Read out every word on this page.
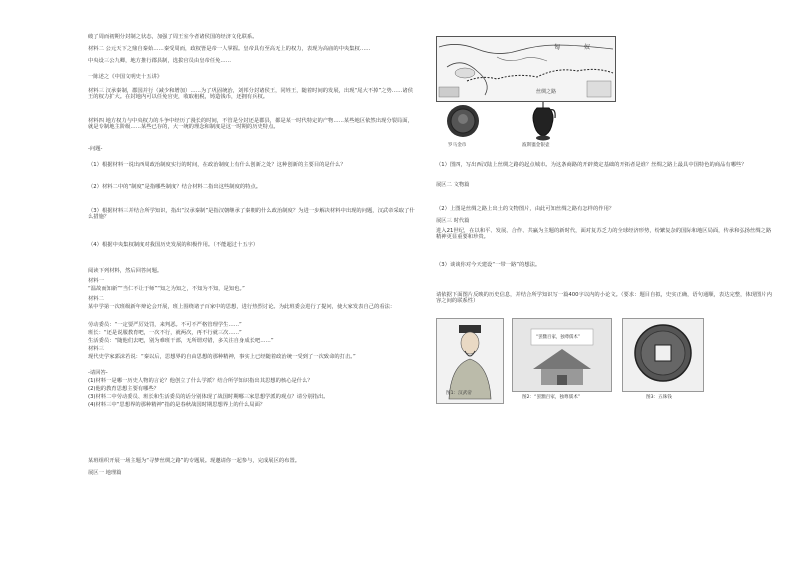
破了周而初期分封制之状态，加强了周王室今者诸侯国的经济文化联系。
材料二 公元天下之鼎自秦始……秦受周而，政权皆是帝一人掌握。皇帝具有至高无上的权力，表现为高庙的中央集权……
中央设三公九卿，地方推行郡县制，选拔官员由皇帝任免……
一陈述之《中国文明史十五讲》
材料三 汉承秦制，郡国并行（减少和增加）……为了巩固统治，刘邦分封诸侯王，同姓王，随着时间的发展，出现“尾大不掉”之势……诸侯王的权力扩大。在封地内可以任免官吏，收取租税，铸造钱币，还拥有兵权。
材料四 地方权力与中央权力的斗争中经历了漫长的时间，不管是分封还是郡县，都是某一时代特定的产物……某些地区依然出现分裂局面，就是专制地主阶级……某些已存的，大一统的理念和制度是这一时期的历史特点。
-问题-
（1）根据材料一说出西周政治制度实行的时间，在政治制度上有什么创新之处？这种创新的主要目的是什么？
（2）材料二中的“制度”是指哪些制度？结合材料二指出这些制度的特点。
（3）根据材料三并结合所学知识，指出“汉承秦制”是指汉朝继承了秦朝的什么政治制度？为进一步解决材料中出现的问题，汉武帝采取了什么措施？
（4）根据中央集权制度对我国历史发展的积极作用。（不能超过十五字）
阅读下列材料，然后回答问题。
材料一
“温故而知新”“当仁不让于师”“知之为知之，不知为不知，是知也。”
材料二
某中学第一次班级新年辩论会开展，班上围绕诸子百家中的思想，进行热烈讨论。为此班委会进行了提问，使大家发表自己的看法：
劳动委员：“一定要严厉处罚，来判恶。不可不严格管理学生……”
班长：“还是说服教育吧，一次不行，就两次，再不行就三次……”
生活委员：“随他们去吧，别为难班干部，无所谓对错，多关注自身成长吧……”
材料三
现代史学家郭沫若说：“秦以后，思想界的自由思想的那种精神，事实上已经随着政治统一受到了一次致命的打击。”
-请回答-
(1)材料一是哪一历史人物的言论？他创立了什么学派？结合所学知识指出其思想的核心是什么？
(2)他的教育思想主要有哪些？
(3)材料二中劳动委员、班长和生活委员的话分别体现了战国时期哪三家思想学派的观点？请分别指出。
(4)材料三中“思想界的那种精神”指的是春秋战国时期思想界上的什么局面？
某班组织开展一场主题为“寻梦丝绸之路”的专题展。现邀请你一起参与，完成展区的布置。
展区一 地理篇
匈	奴
丝绸之路
罗马金币	波斯鎏金银壶
（1）图四，写出西汉陆上丝绸之路的起点城市。为这条商路的开辟奠定基础的开拓者是谁？丝绸之路上最具中国特色的商品有哪些？
展区二 文物篇
（2）上图是丝绸之路上出土的文物图片，由此可知丝绸之路有怎样的作用？
展区三 时代篇
进入21世纪，在以和平、发展、合作、共赢为主题的新时代，面对复苏乏力的全球经济形势，纷繁复杂的国际和地区局面，传承和弘扬丝绸之路精神更显重要和珍贵。
（3）谈谈你对今天建设“一带一路”的想法。
请依据下面图片反映的历史信息，并结合所学知识写一篇400字以内的小论文。（要求：题目自拟，史实正确，语句通顺，表达完整，体现图片内容之间的联系性）
图1：汉武帝
“罢黜百家，独尊儒术”
图2：“罢黜百家，独尊儒术”	图3：五铢钱
